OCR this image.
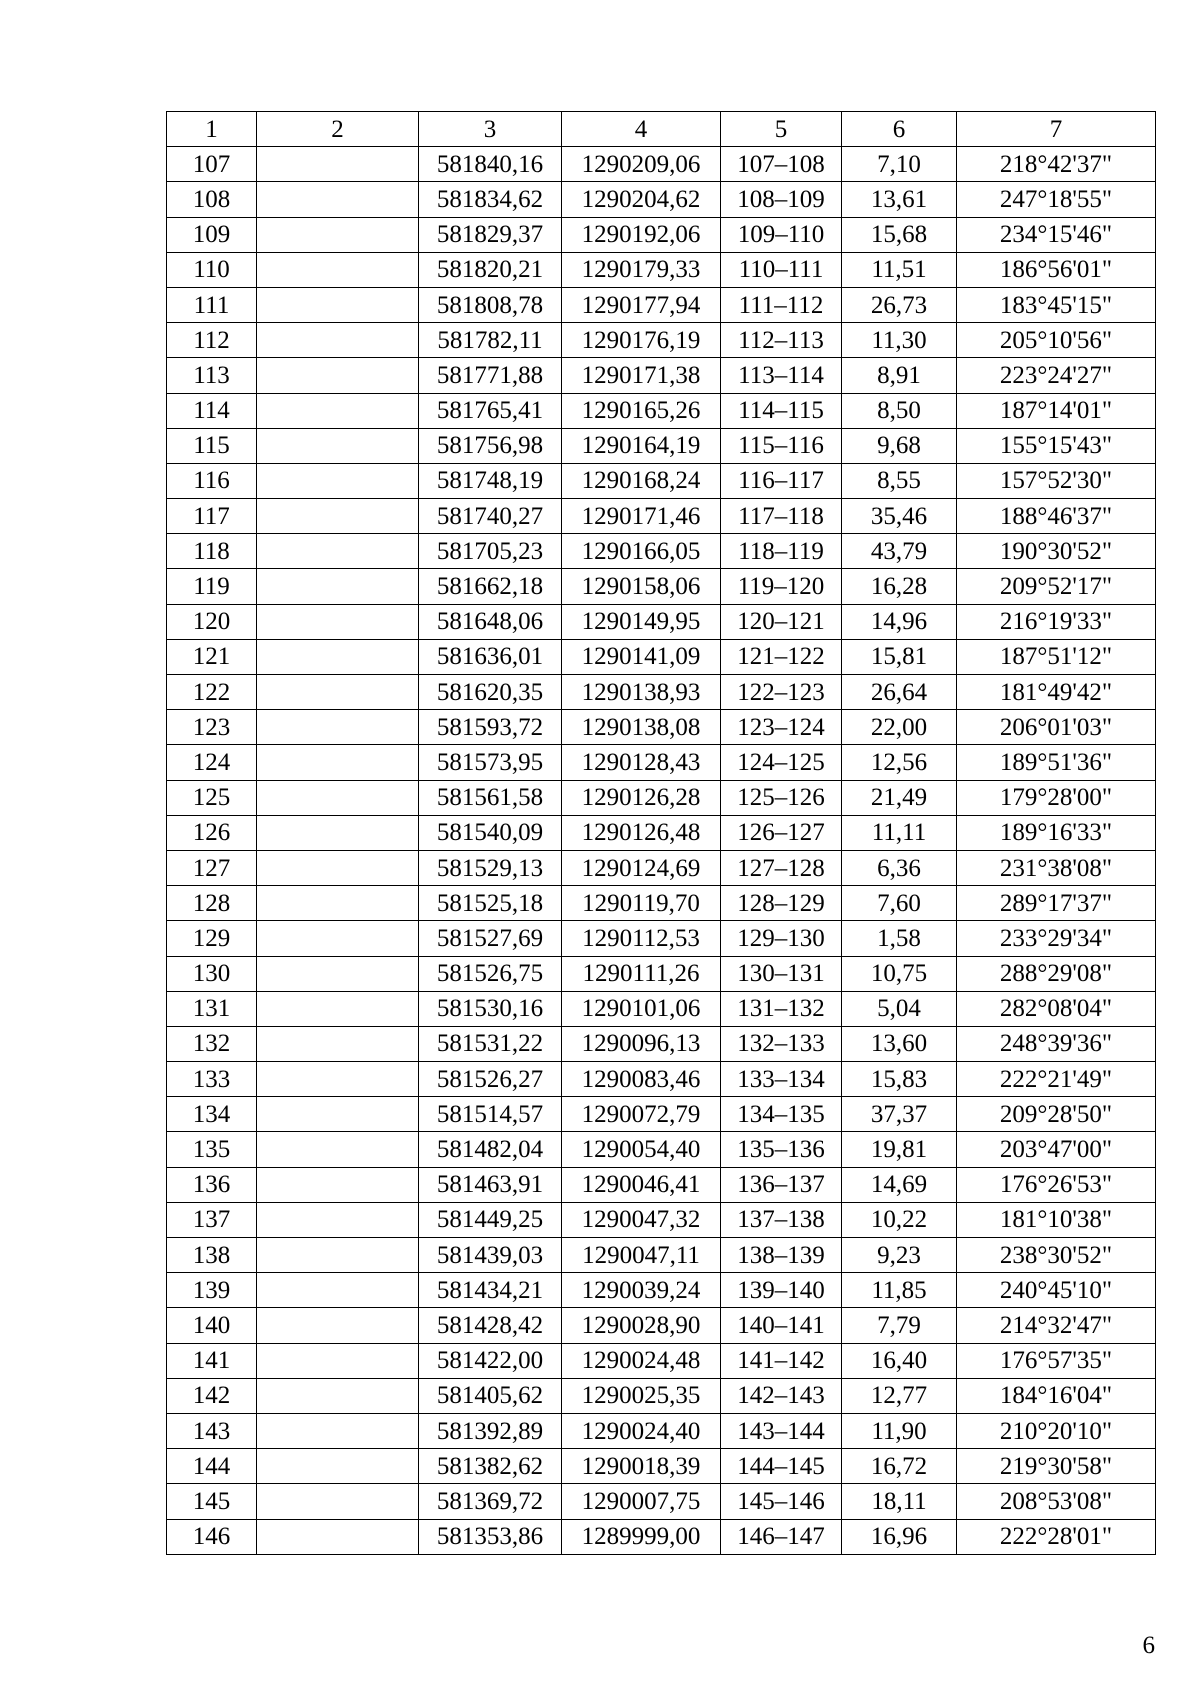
1	2	3	4	5	6	7
107		581840,16	1290209,06	107–108	7,10	218°42'37"
108		581834,62	1290204,62	108–109	13,61	247°18'55"
109		581829,37	1290192,06	109–110	15,68	234°15'46"
110		581820,21	1290179,33	110–111	11,51	186°56'01"
111		581808,78	1290177,94	111–112	26,73	183°45'15"
112		581782,11	1290176,19	112–113	11,30	205°10'56"
113		581771,88	1290171,38	113–114	8,91	223°24'27"
114		581765,41	1290165,26	114–115	8,50	187°14'01"
115		581756,98	1290164,19	115–116	9,68	155°15'43"
116		581748,19	1290168,24	116–117	8,55	157°52'30"
117		581740,27	1290171,46	117–118	35,46	188°46'37"
118		581705,23	1290166,05	118–119	43,79	190°30'52"
119		581662,18	1290158,06	119–120	16,28	209°52'17"
120		581648,06	1290149,95	120–121	14,96	216°19'33"
121		581636,01	1290141,09	121–122	15,81	187°51'12"
122		581620,35	1290138,93	122–123	26,64	181°49'42"
123		581593,72	1290138,08	123–124	22,00	206°01'03"
124		581573,95	1290128,43	124–125	12,56	189°51'36"
125		581561,58	1290126,28	125–126	21,49	179°28'00"
126		581540,09	1290126,48	126–127	11,11	189°16'33"
127		581529,13	1290124,69	127–128	6,36	231°38'08"
128		581525,18	1290119,70	128–129	7,60	289°17'37"
129		581527,69	1290112,53	129–130	1,58	233°29'34"
130		581526,75	1290111,26	130–131	10,75	288°29'08"
131		581530,16	1290101,06	131–132	5,04	282°08'04"
132		581531,22	1290096,13	132–133	13,60	248°39'36"
133		581526,27	1290083,46	133–134	15,83	222°21'49"
134		581514,57	1290072,79	134–135	37,37	209°28'50"
135		581482,04	1290054,40	135–136	19,81	203°47'00"
136		581463,91	1290046,41	136–137	14,69	176°26'53"
137		581449,25	1290047,32	137–138	10,22	181°10'38"
138		581439,03	1290047,11	138–139	9,23	238°30'52"
139		581434,21	1290039,24	139–140	11,85	240°45'10"
140		581428,42	1290028,90	140–141	7,79	214°32'47"
141		581422,00	1290024,48	141–142	16,40	176°57'35"
142		581405,62	1290025,35	142–143	12,77	184°16'04"
143		581392,89	1290024,40	143–144	11,90	210°20'10"
144		581382,62	1290018,39	144–145	16,72	219°30'58"
145		581369,72	1290007,75	145–146	18,11	208°53'08"
146		581353,86	1289999,00	146–147	16,96	222°28'01"
6
